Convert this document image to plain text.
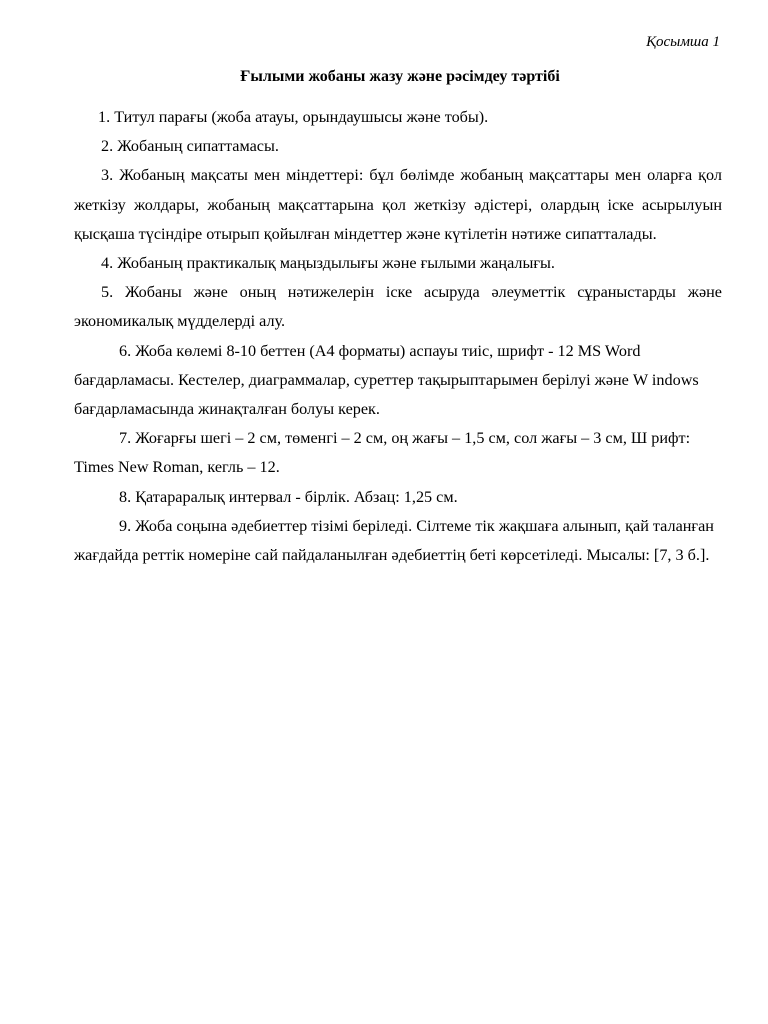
Қосымша 1
Ғылыми жобаны жазу және рәсімдеу тәртібі

1. Титул парағы (жоба атауы, орындаушысы және тобы).

2. Жобаның сипаттамасы.

3. Жобаның мақсаты мен міндеттері: бұл бөлімде жобаның мақсаттары мен оларға қол жеткізу жолдары, жобаның мақсаттарына қол жеткізу әдістері, олардың іске асырылуын қысқаша түсіндіре отырып қойылған міндеттер және күтілетін нәтиже сипатталады.

4. Жобаның практикалық маңыздылығы және ғылыми жаңалығы.

5. Жобаны және оның нәтижелерін іске асыруда әлеуметтік сұраныстарды және экономикалық мүдделерді алу.

6. Жоба көлемі 8-10 беттен (А4 форматы) аспауы тиіс, шрифт - 12 MS Word бағдарламасы. Кестелер, диаграммалар, суреттер тақырыптарымен берілуі және W indows бағдарламасында жинақталған болуы керек.

7. Жоғарғы шегі – 2 см, төменгі – 2 см, оң жағы – 1,5 см, сол жағы – 3 см, Ш рифт: Times New Roman, кегль – 12.

8. Қатараралық интервал - бірлік. Абзац: 1,25 см.

9. Жоба соңына әдебиеттер тізімі беріледі. Сілтеме тік жақшаға алынып, қай таланған жағдайда реттік номеріне сай пайдаланылған әдебиеттің беті көрсетіледі. Мысалы: [7, 3 б.].
